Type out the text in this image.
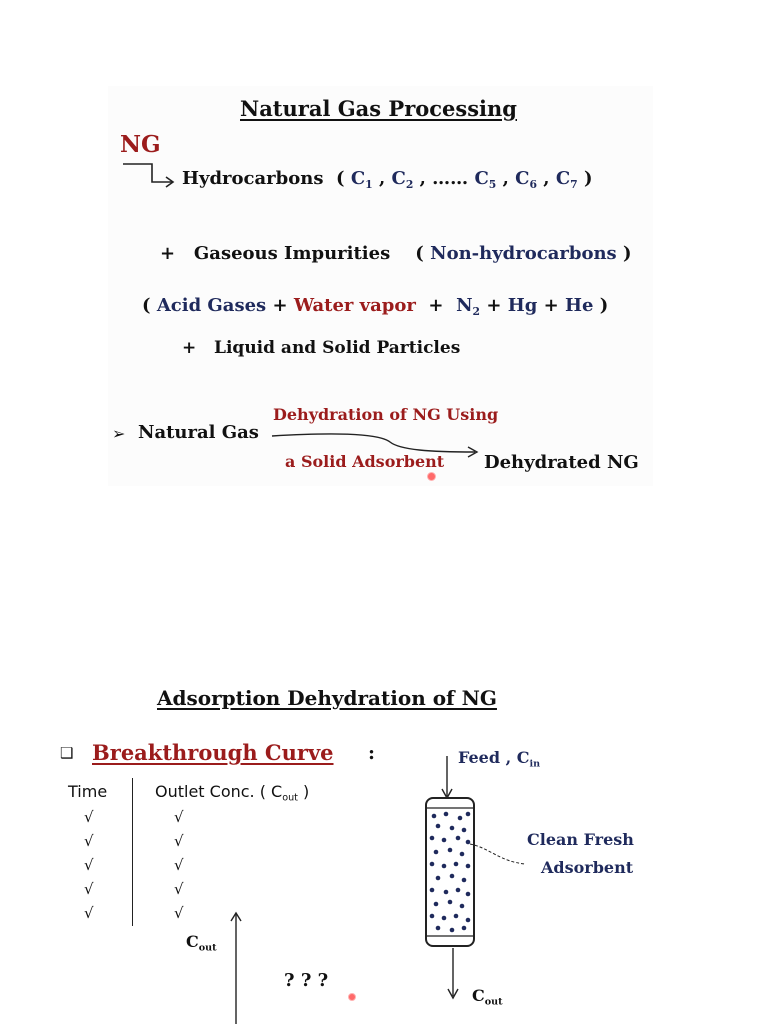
Natural Gas Processing
NG
Hydrocarbons ( $C_1$ , $C_2$ , …… $C_5$ , $C_6$ , $C_7$ )
+ Gaseous Impurities ( Non-hydrocarbons )
( Acid Gases + Water vapor + $N_2 + Hg + He$ )
+ Liquid and Solid Particles
➢ Natural Gas
Dehydration of NG Using
a Solid Adsorbent Dehydrated NG
Adsorption Dehydration of NG
❑ Breakthrough Curve :
Time	Outlet Conc. ( $C_{out}$ )
√	√
√	√
√	√
√	√
√	√
$C_{out}$
? ? ?
Feed , $C_{in}$
Clean Fresh
Adsorbent
$C_{out}$
